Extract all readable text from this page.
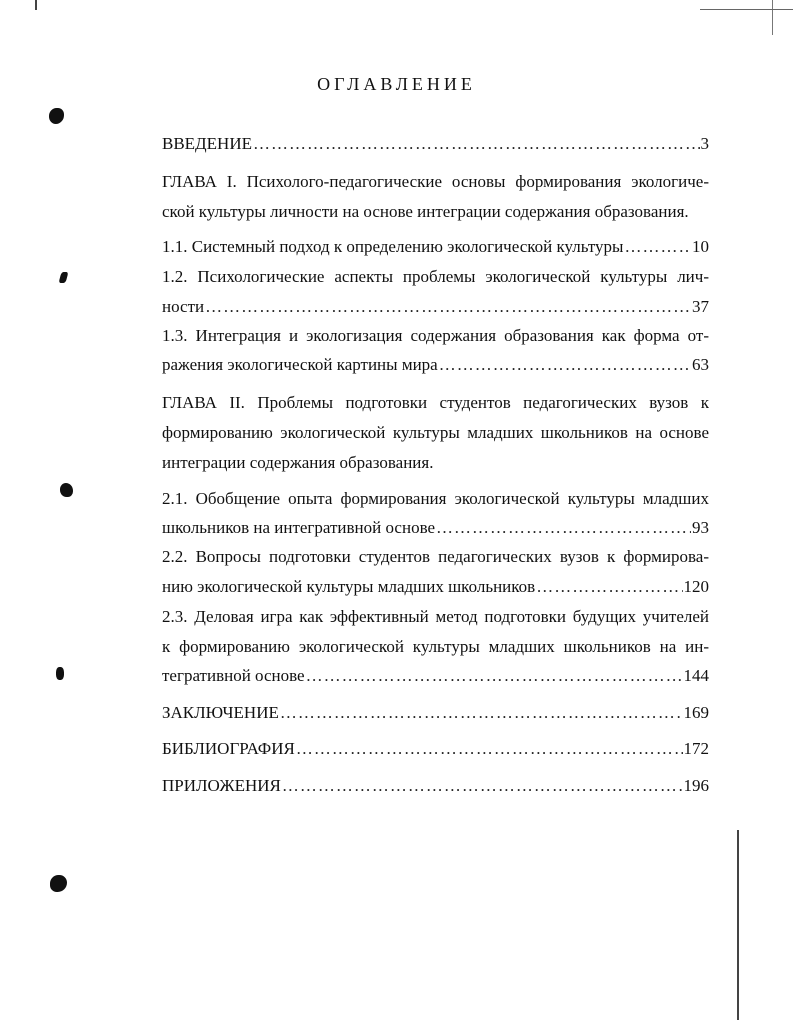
ОГЛАВЛЕНИЕ
ВВЕДЕНИЕ ……………………………………………………………………………………………………………………………………………………………………	3
ГЛАВА I. Психолого-педагогические основы формирования экологиче-
ской культуры личности на основе интеграции содержания образования.
1.1. Системный подход к определению экологической культуры ……………………………………………………………………………………………………………………………………………………………………	10
1.2. Психологические аспекты проблемы экологической культуры лич-
ности ……………………………………………………………………………………………………………………………………………………………………	37
1.3. Интеграция и экологизация содержания образования как форма от-
ражения экологической картины мира ……………………………………………………………………………………………………………………………………………………………………	63
ГЛАВА II. Проблемы подготовки студентов педагогических вузов к
формированию экологической культуры младших школьников на основе
интеграции содержания образования.
2.1. Обобщение опыта формирования экологической культуры младших
школьников на интегративной основе ……………………………………………………………………………………………………………………………………………………………………	93
2.2. Вопросы подготовки студентов педагогических вузов к формирова-
нию экологической культуры младших школьников ……………………………………………………………………………………………………………………………………………………………………	120
2.3. Деловая игра как эффективный метод подготовки будущих учителей
к формированию экологической культуры младших школьников на ин-
тегративной основе ……………………………………………………………………………………………………………………………………………………………………	144
ЗАКЛЮЧЕНИЕ ……………………………………………………………………………………………………………………………………………………………………	169
БИБЛИОГРАФИЯ ……………………………………………………………………………………………………………………………………………………………………	172
ПРИЛОЖЕНИЯ ……………………………………………………………………………………………………………………………………………………………………	196
